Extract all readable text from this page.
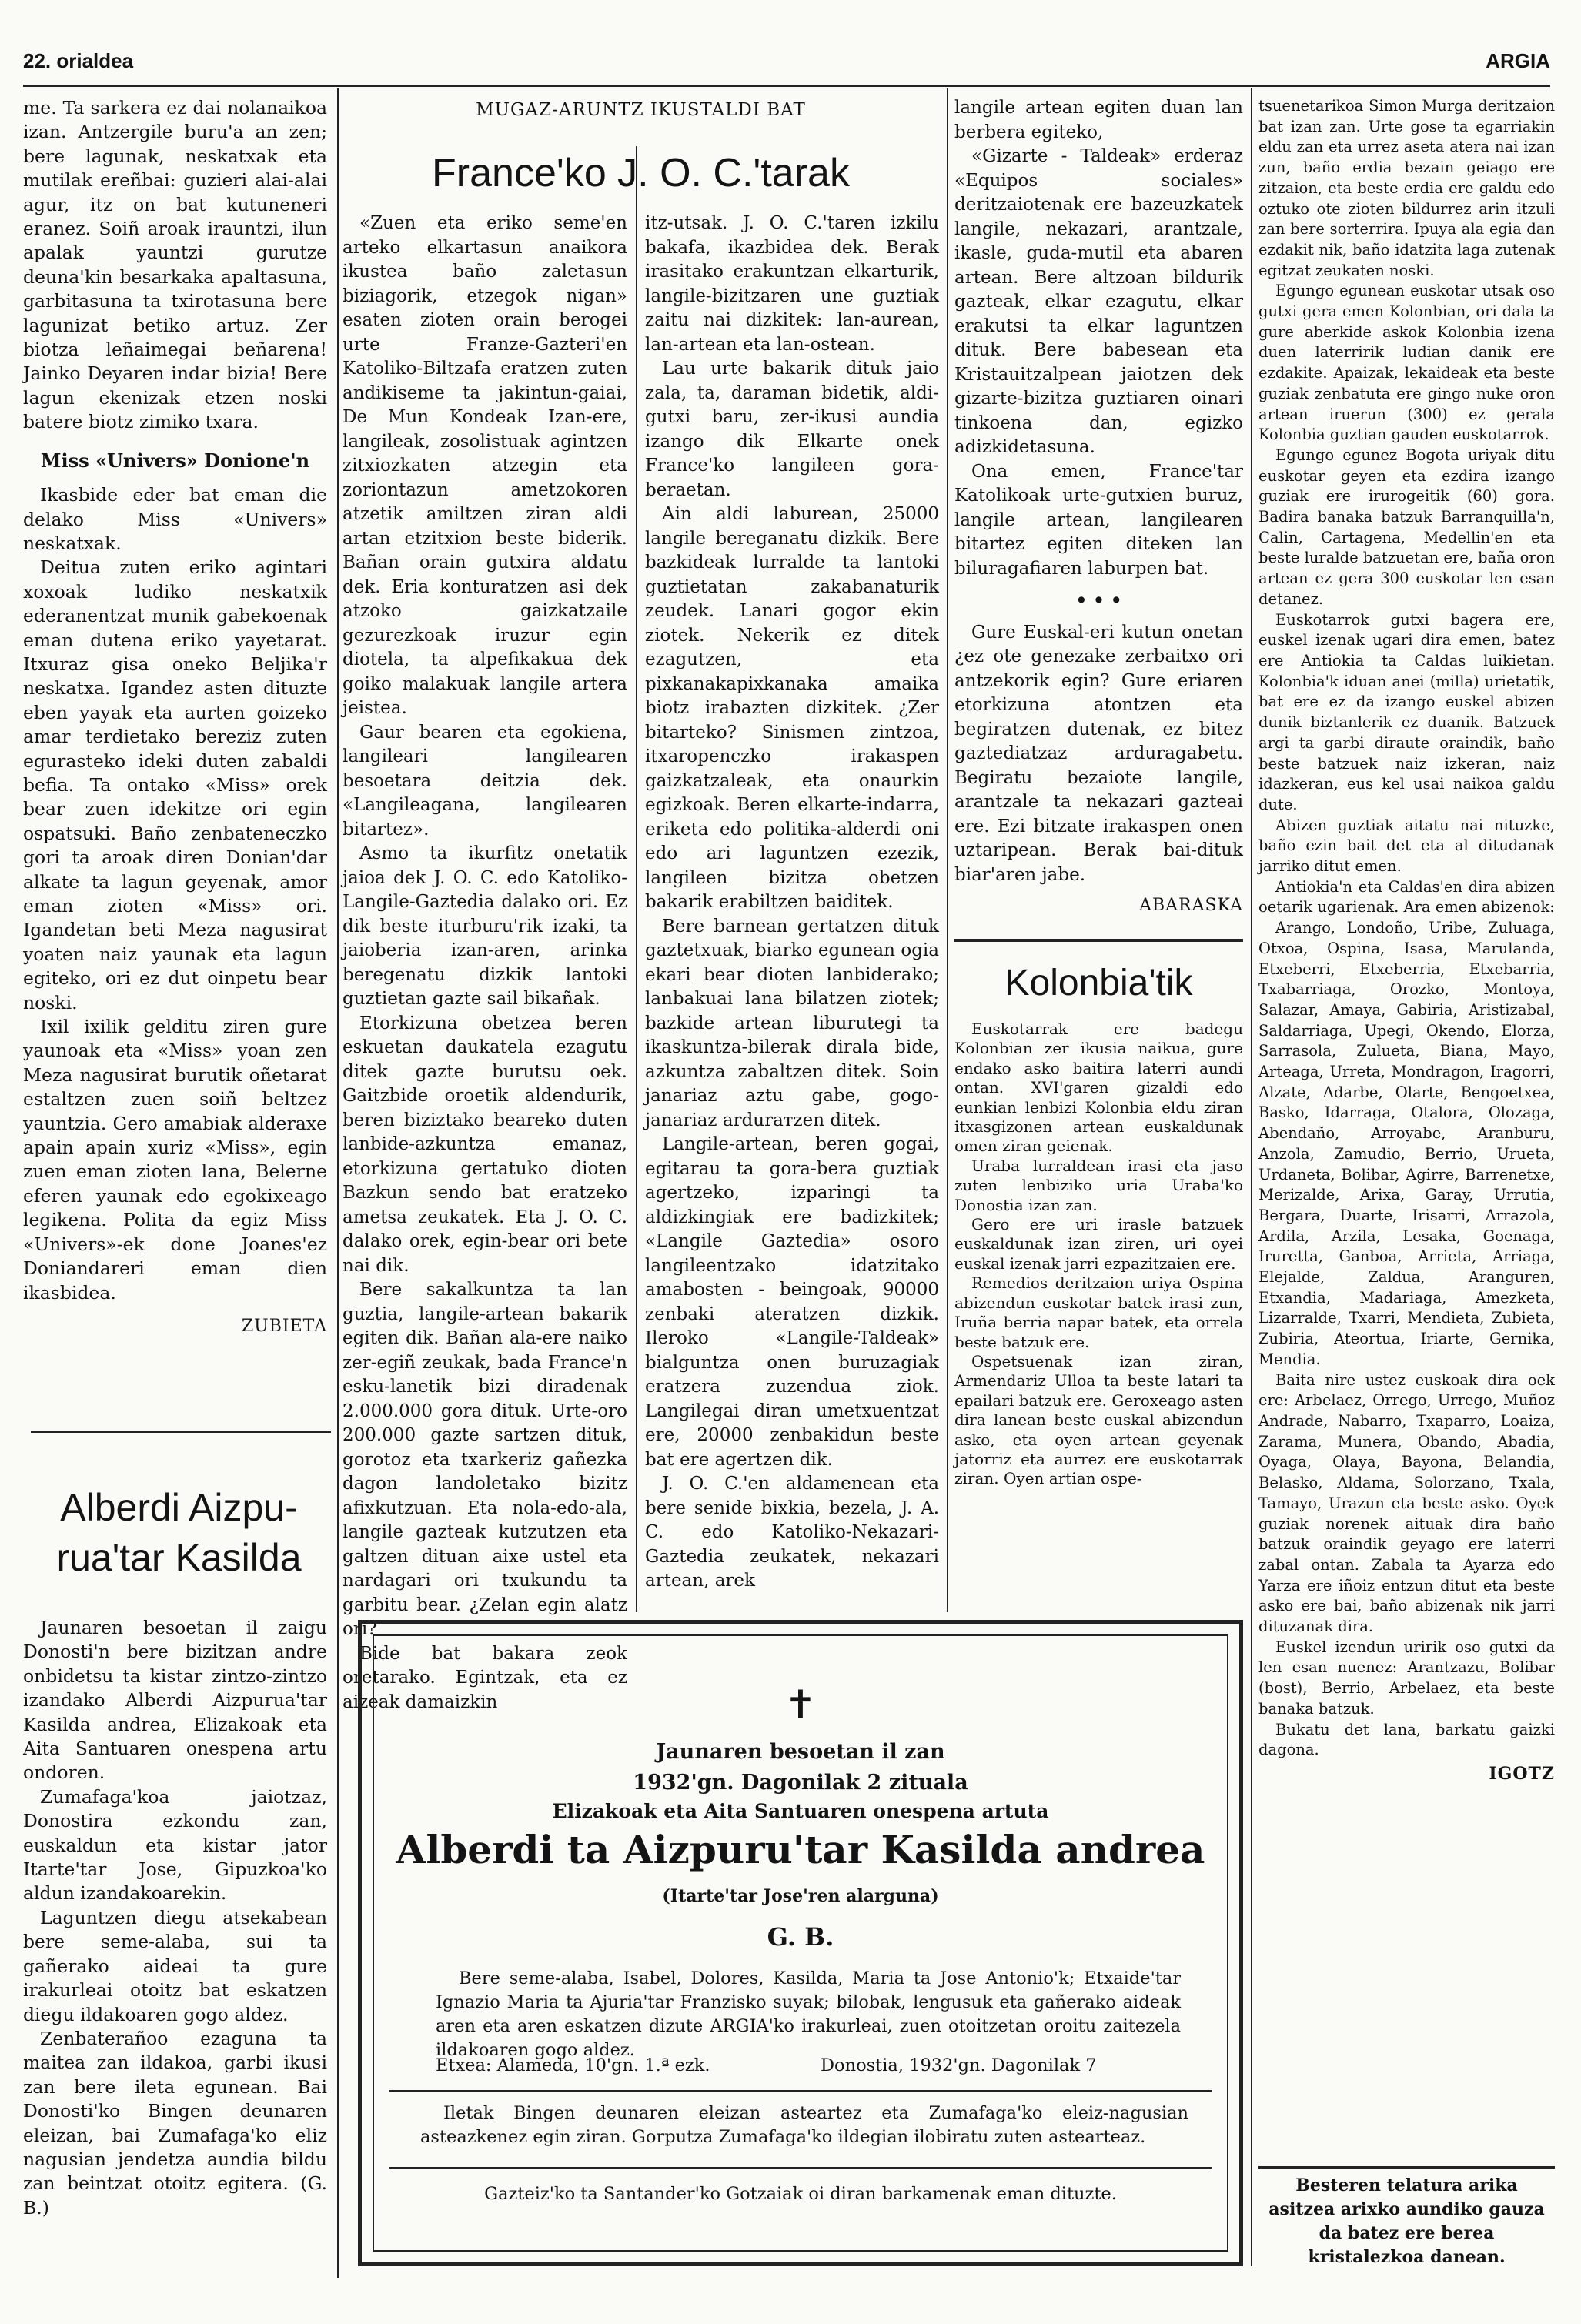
22. orialdea	ARGIA

me. Ta sarkera ez dai nolanaikoa izan. Antzergile buru'a an zen; bere lagunak, neskatxak eta mutilak ereñbai: guzieri alai-alai agur, itz on bat kutuneneri eranez. Soiñ aroak irauntzi, ilun apalak yauntzi gurutze deuna'kin besarkaka apaltasuna, garbitasuna ta txirotasuna bere lagunizat betiko artuz. Zer biotza leñaimegai beñarena! Jainko Deyaren indar bizia! Bere lagun ekenizak etzen noski batere biotz zimiko txara.

Miss «Univers» Donione'n

Ikasbide eder bat eman die delako Miss «Univers» neskatxak.

Deitua zuten eriko agintari xoxoak ludiko neskatxik ederanentzat munik gabekoenak eman dutena eriko yayetarat. Itxuraz gisa oneko Beljika'r neskatxa. Igandez asten dituzte eben yayak eta aurten goizeko amar terdietako bereziz zuten egurasteko ideki duten zabaldi befia. Ta ontako «Miss» orek bear zuen idekitze ori egin ospatsuki. Baño zenbateneczko gori ta aroak diren Donian'dar alkate ta lagun geyenak, amor eman zioten «Miss» ori. Igandetan beti Meza nagusirat yoaten naiz yaunak eta lagun egiteko, ori ez dut oinpetu bear noski.

Ixil ixilik gelditu ziren gure yaunoak eta «Miss» yoan zen Meza nagusirat burutik oñetarat estaltzen zuen soiñ beltzez yauntzia. Gero amabiak alderaxe apain apain xuriz «Miss», egin zuen eman zioten lana, Belerne eferen yaunak edo egokixeago legikena. Polita da egiz Miss «Univers»-ek done Joanes'ez Doniandareri eman dien ikasbidea.

ZUBIETA
Alberdi Aizpu-
rua'tar Kasilda

Jaunaren besoetan il zaigu Donosti'n bere bizitzan andre onbidetsu ta kistar zintzo-zintzo izandako Alberdi Aizpurua'tar Kasilda andrea, Elizakoak eta Aita Santuaren onespena artu ondoren.

Zumafaga'koa jaiotzaz, Donostira ezkondu zan, euskaldun eta kistar jator Itarte'tar Jose, Gipuzkoa'ko aldun izandakoarekin.

Laguntzen diegu atsekabean bere seme-alaba, sui ta gañerako aideai ta gure irakurleai otoitz bat eskatzen diegu ildakoaren gogo aldez.

Zenbaterañoo ezaguna ta maitea zan ildakoa, garbi ikusi zan bere ileta egunean. Bai Donosti'ko Bingen deunaren eleizan, bai Zumafaga'ko eliz nagusian jendetza aundia bildu zan beintzat otoitz egitera. (G. B.)

MUGAZ-ARUNTZ IKUSTALDI BAT
France'ko J. O. C.'tarak

«Zuen eta eriko seme'en arteko elkartasun anaikora ikustea baño zaletasun biziagorik, etzegok nigan» esaten zioten orain berogei urte Franze-Gazteri'en Katoliko-Biltzafa eratzen zuten andikiseme ta jakintun-gaiai, De Mun Kondeak Izan-ere, langileak, zosolistuak agintzen zitxiozkaten atzegin eta zoriontazun ametzokoren atzetik amiltzen ziran aldi artan etzitxion beste biderik. Bañan orain gutxira aldatu dek. Eria konturatzen asi dek atzoko gaizkatzaile gezurezkoak iruzur egin diotela, ta alpefikakua dek goiko malakuak langile artera jeistea.

Gaur bearen eta egokiena, langileari langilearen besoetara deitzia dek. «Langileagana, langilearen bitartez».

Asmo ta ikurfitz onetatik jaioa dek J. O. C. edo Katoliko-Langile-Gaztedia dalako ori. Ez dik beste iturburu'rik izaki, ta jaioberia izan-aren, arinka beregenatu dizkik lantoki guztietan gazte sail bikañak.

Etorkizuna obetzea beren eskuetan daukatela ezagutu ditek gazte burutsu oek. Gaitzbide oroetik aldendurik, beren biziztako beareko duten lanbide-azkuntza emanaz, etorkizuna gertatuko dioten Bazkun sendo bat eratzeko ametsa zeukatek. Eta J. O. C. dalako orek, egin-bear ori bete nai dik.

Bere sakalkuntza ta lan guztia, langile-artean bakarik egiten dik. Bañan ala-ere naiko zer-egiñ zeukak, bada France'n esku-lanetik bizi diradenak 2.000.000 gora dituk. Urte-oro 200.000 gazte sartzen dituk, gorotoz eta txarkeriz gañezka dagon landoletako bizitz afixkutzuan. Eta nola-edo-ala, langile gazteak kutzutzen eta galtzen dituan aixe ustel eta nardagari ori txukundu ta garbitu bear. ¿Zelan egin alatz ori?

Bide bat bakara zeok oretarako. Egintzak, eta ez aizeak damaizkin

itz-utsak. J. O. C.'taren izkilu bakafa, ikazbidea dek. Berak irasitako erakuntzan elkarturik, langile-bizitzaren une guztiak zaitu nai dizkitek: lan-aurean, lan-artean eta lan-ostean.

Lau urte bakarik dituk jaio zala, ta, daraman bidetik, aldi-gutxi baru, zer-ikusi aundia izango dik Elkarte onek France'ko langileen gora-beraetan.

Ain aldi laburean, 25000 langile bereganatu dizkik. Bere bazkideak lurralde ta lantoki guztietatan zakabanaturik zeudek. Lanari gogor ekin ziotek. Nekerik ez ditek ezagutzen, eta pixkanakapixkanaka amaika biotz irabazten dizkitek. ¿Zer bitarteko? Sinismen zintzoa, itxaropenczko irakaspen gaizkatzaleak, eta onaurkin egizkoak. Beren elkarte-indarra, eriketa edo politika-alderdi oni edo ari laguntzen ezezik, langileen bizitza obetzen bakarik erabiltzen baiditek.

Bere barnean gertatzen dituk gaztetxuak, biarko egunean ogia ekari bear dioten lanbiderako; lanbakuai lana bilatzen ziotek; bazkide artean liburutegi ta ikaskuntza-bilerak dirala bide, azkuntza zabaltzen ditek. Soin janariaz aztu gabe, gogo-janariaz ardurатzen ditek.

Langile-artean, beren gogai, egitarau ta gora-bera guztiak agertzeko, izparingi ta aldizkingiak ere badizkitek; «Langile Gaztedia» osoro langileentzako idatzitako amabosten - beingoak, 90000 zenbaki ateratzen dizkik. Ileroko «Langile-Taldeak» bialguntza onen buruzagiak eratzera zuzendua ziok. Langilegai diran umetxuentzat ere, 20000 zenbakidun beste bat ere agertzen dik.

J. O. C.'en aldamenean eta bere senide bixkia, bezela, J. A. C. edo Katoliko-Nekazari-Gaztedia zeukatek, nekazari artean, arek

langile artean egiten duan lan berbera egiteko,

«Gizarte - Taldeak» erderaz «Equipos sociales» deritzaiotenak ere bazeuzkatek langile, nekazari, arantzale, ikasle, guda-mutil eta abaren artean. Bere altzoan bildurik gazteak, elkar ezagutu, elkar erakutsi ta elkar laguntzen dituk. Bere babesean eta Kristauitzalpean jaiotzen dek gizarte-bizitza guztiaren oinari tinkoena dan, egizko adizkidetasuna.

Ona emen, France'tar Katolikoak urte-gutxien buruz, langile artean, langilearen bitartez egiten diteken lan biluragafiaren laburpen bat.

• • •

Gure Euskal-eri kutun onetan ¿ez ote genezake zerbaitxo ori antzekorik egin? Gure eriaren etorkizuna atontzen eta begiratzen dutenak, ez bitez gaztediatzaz arduragabetu. Begiratu bezaiote langile, arantzale ta nekazari gazteai ere. Ezi bitzate irakaspen onen uztaripean. Berak bai-dituk biar'aren jabe.

ABARASKA
Kolonbia'tik

Euskotarrak ere badegu Kolonbian zer ikusia naikua, gure endako asko baitira laterri aundi ontan. XVI'garen gizaldi edo eunkian lenbizi Kolonbia eldu ziran itxasgizonen artean euskaldunak omen ziran geienak.

Uraba lurraldean irasi eta jaso zuten lenbiziko uria Uraba'ko Donostia izan zan.

Gero ere uri irasle batzuek euskaldunak izan ziren, uri oyei euskal izenak jarri ezpazitzaien ere.

Remedios deritzaion uriya Ospina abizendun euskotar batek irasi zun, Iruña berria napar batek, eta orrela beste batzuk ere.

Ospetsuenak izan ziran, Armendariz Ulloa ta beste latari ta epailari batzuk ere. Geroxeago asten dira lanean beste euskal abizendun asko, eta oyen artean geyenak jatorriz eta aurrez ere euskotarrak ziran. Oyen artian ospe-

tsuenetarikoa Simon Murga deritzaion bat izan zan. Urte gose ta egarriakin eldu zan eta urrez aseta atera nai izan zun, baño erdia bezain geiago ere zitzaion, eta beste erdia ere galdu edo oztuko ote zioten bildurrez arin itzuli zan bere sorterrira. Ipuya ala egia dan ezdakit nik, baño idatzita laga zutenak egitzat zeukaten noski.

Egungo egunean euskotar utsak oso gutxi gera emen Kolonbian, ori dala ta gure aberkide askok Kolonbia izena duen laterririk ludian danik ere ezdakite. Apaizak, lekaideak eta beste guziak zenbatuta ere gingo nuke oron artean iruerun (300) ez gerala Kolonbia guztian gauden euskotarrok.

Egungo egunez Bogota uriyak ditu euskotar geyen eta ezdira izango guziak ere irurogeitik (60) gora. Badira banaka batzuk Barranquilla'n, Calin, Cartagena, Medellin'en eta beste luralde batzuetan ere, baña oron artean ez gera 300 euskotar len esan detanez.

Euskotarrok gutxi bagera ere, euskel izenak ugari dira emen, batez ere Antiokia ta Caldas luikietan. Kolonbia'k iduan anei (milla) urietatik, bat ere ez da izango euskel abizen dunik biztanlerik ez duanik. Batzuek argi ta garbi diraute oraindik, baño beste batzuek naiz izkeran, naiz idazkeran, eus kel usai naikoa galdu dute.

Abizen guztiak aitatu nai nituzke, baño ezin bait det eta al ditudanak jarriko ditut emen.

Antiokia'n eta Caldas'en dira abizen oetarik ugarienak. Ara emen abizenok:

Arango, Londoño, Uribe, Zuluaga, Otxoa, Ospina, Isasa, Marulanda, Etxeberri, Etxeberria, Etxebarria, Txabarriaga, Orozko, Montoya, Salazar, Amaya, Gabiria, Aristizabal, Saldarriaga, Upegi, Okendo, Elorza, Sarrasola, Zulueta, Biana, Mayo, Arteaga, Urreta, Mondragon, Iragorri, Alzate, Adarbe, Olarte, Bengoetxea, Basko, Idarraga, Otalora, Olozaga, Abendaño, Arroyabe, Aranburu, Anzola, Zamudio, Berrio, Urueta, Urdaneta, Bolibar, Agirre, Barrenetxe, Merizalde, Arixa, Garay, Urrutia, Bergara, Duarte, Irisarri, Arrazola, Ardila, Arzila, Lesaka, Goenaga, Iruretta, Ganboa, Arrieta, Arriaga, Elejalde, Zaldua, Aranguren, Etxandia, Madariaga, Amezketa, Lizarralde, Txarri, Mendieta, Zubieta, Zubiria, Ateortua, Iriarte, Gernika, Mendia.

Baita nire ustez euskoak dira oek ere: Arbelaez, Orrego, Urrego, Muñoz Andrade, Nabarro, Txaparro, Loaiza, Zarama, Munera, Obando, Abadia, Oyaga, Olaya, Bayona, Belandia, Belasko, Aldama, Solorzano, Txala, Tamayo, Urazun eta beste asko. Oyek guziak norenek aituak dira baño batzuk oraindik geyago ere laterri zabal ontan. Zabala ta Ayarza edo Yarza ere iñoiz entzun ditut eta beste asko ere bai, baño abizenak nik jarri dituzanak dira.

Euskel izendun uririk oso gutxi da len esan nuenez: Arantzazu, Bolibar (bost), Berrio, Arbelaez, eta beste banaka batzuk.

Bukatu det lana, barkatu gaizki dagona.

IGOTZ
Besteren telatura arika asitzea arixko aundiko gauza da batez ere berea kristalezkoa danean.
✝
Jaunaren besoetan il zan
1932'gn. Dagonilak 2 zituala
Elizakoak eta Aita Santuaren onespena artuta
Alberdi ta Aizpuru'tar Kasilda andrea
(Itarte'tar Jose'ren alarguna)
G. B.
Bere seme-alaba, Isabel, Dolores, Kasilda, Maria ta Jose Antonio'k; Etxaide'tar Ignazio Maria ta Ajuria'tar Franzisko suyak; bilobak, lengusuk eta gañerako aideak aren eta aren eskatzen dizute ARGIA'ko irakurleai, zuen otoitzetan oroitu zaitezela ildakoaren gogo aldez.
Etxea: Alameda, 10'gn. 1.ª ezk.	Donostia, 1932'gn. Dagonilak 7
Iletak Bingen deunaren eleizan asteartez eta Zumafaga'ko eleiz-nagusian asteazkenez egin ziran. Gorputza Zumafaga'ko ildegian ilobiratu zuten astearteaz.
Gazteiz'ko ta Santander'ko Gotzaiak oi diran barkamenak eman dituzte.
